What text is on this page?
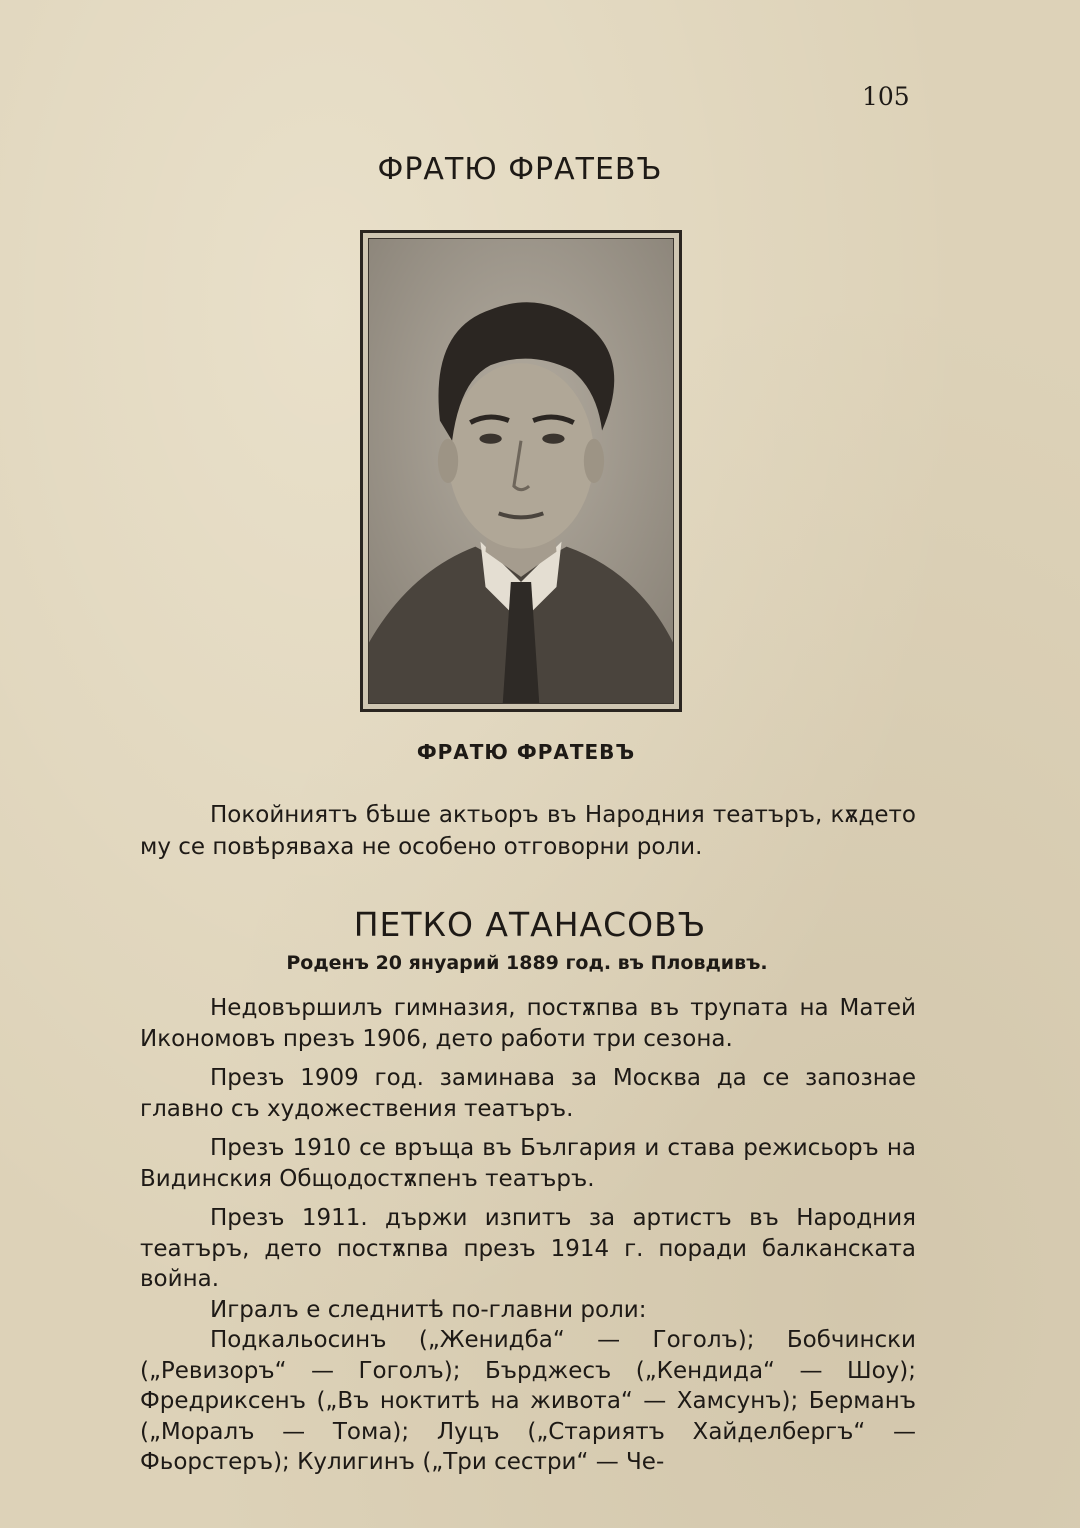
105
ФРАТЮ ФРАТЕВЪ
ФРАТЮ ФРАТЕВЪ

Покойниятъ бѣше актьоръ въ Народния театъръ, кѫдето му се повѣряваха не особено отговорни роли.

ПЕТКО АТАНАСОВЪ
Роденъ 20 януарий 1889 год. въ Пловдивъ.

Недовършилъ гимназия, постѫпва въ трупата на Матей Икономовъ презъ 1906, дето работи три сезона.

Презъ 1909 год. заминава за Москва да се запознае главно съ художествения театъръ.

Презъ 1910 се връща въ България и става режисьоръ на Видинския Общодостѫпенъ театъръ.

Презъ 1911. държи изпитъ за артистъ въ Народния театъръ, дето постѫпва презъ 1914 г. поради балканската война.

Игралъ е следнитѣ по-главни роли:

Подкальосинъ („Женидба“ — Гоголъ); Бобчински („Ревизоръ“ — Гоголъ); Бърджесъ („Кендида“ — Шоу); Фредриксенъ („Въ ноктитѣ на живота“ — Хамсунъ); Берманъ („Моралъ — Тома); Луцъ („Стариятъ Хайделбергъ“ — Фьорстеръ); Кулигинъ („Три сестри“ — Че-
